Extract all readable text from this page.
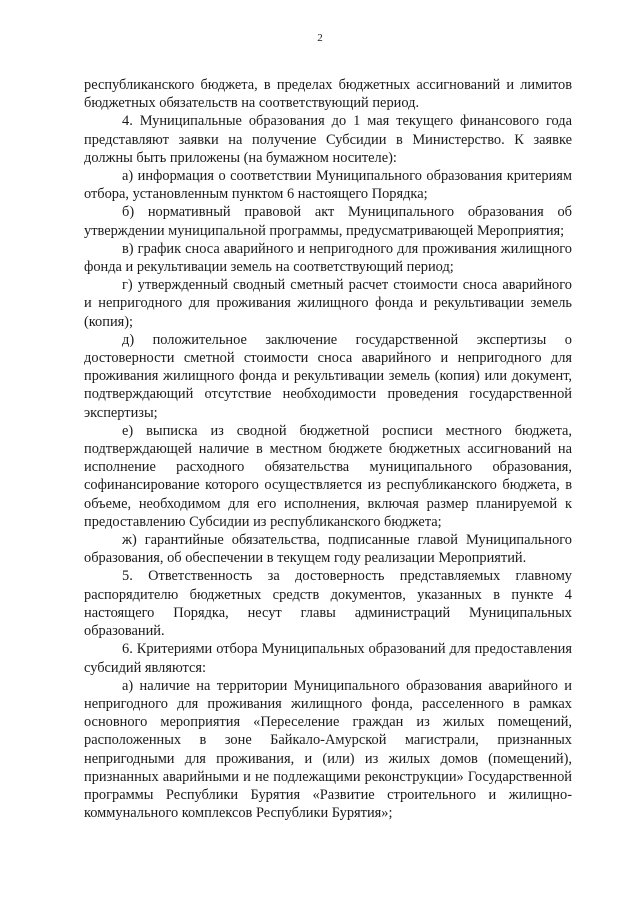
2

республиканского бюджета, в пределах бюджетных ассигнований и лимитов бюджетных обязательств на соответствующий период.

4. Муниципальные образования до 1 мая текущего финансового года представляют заявки на получение Субсидии в Министерство. К заявке должны быть приложены (на бумажном носителе):

а) информация о соответствии Муниципального образования критериям отбора, установленным пунктом 6 настоящего Порядка;

б) нормативный правовой акт Муниципального образования об утверждении муниципальной программы, предусматривающей Мероприятия;

в) график сноса аварийного и непригодного для проживания жилищного фонда и рекультивации земель на соответствующий период;

г) утвержденный сводный сметный расчет стоимости сноса аварийного и непригодного для проживания жилищного фонда и рекультивации земель (копия);

д) положительное заключение государственной экспертизы о достоверности сметной стоимости сноса аварийного и непригодного для проживания жилищного фонда и рекультивации земель (копия) или документ, подтверждающий отсутствие необходимости проведения государственной экспертизы;

е) выписка из сводной бюджетной росписи местного бюджета, подтверждающей наличие в местном бюджете бюджетных ассигнований на исполнение расходного обязательства муниципального образования, софинансирование которого осуществляется из республиканского бюджета, в объеме, необходимом для его исполнения, включая размер планируемой к предоставлению Субсидии из республиканского бюджета;

ж) гарантийные обязательства, подписанные главой Муниципального образования, об обеспечении в текущем году реализации Мероприятий.

5. Ответственность за достоверность представляемых главному распорядителю бюджетных средств документов, указанных в пункте 4 настоящего Порядка, несут главы администраций Муниципальных образований.

6. Критериями отбора Муниципальных образований для предоставления субсидий являются:

а) наличие на территории Муниципального образования аварийного и непригодного для проживания жилищного фонда, расселенного в рамках основного мероприятия «Переселение граждан из жилых помещений, расположенных в зоне Байкало-Амурской магистрали, признанных непригодными для проживания, и (или) из жилых домов (помещений), признанных аварийными и не подлежащими реконструкции» Государственной программы Республики Бурятия «Развитие строительного и жилищно-коммунального комплексов Республики Бурятия»;
